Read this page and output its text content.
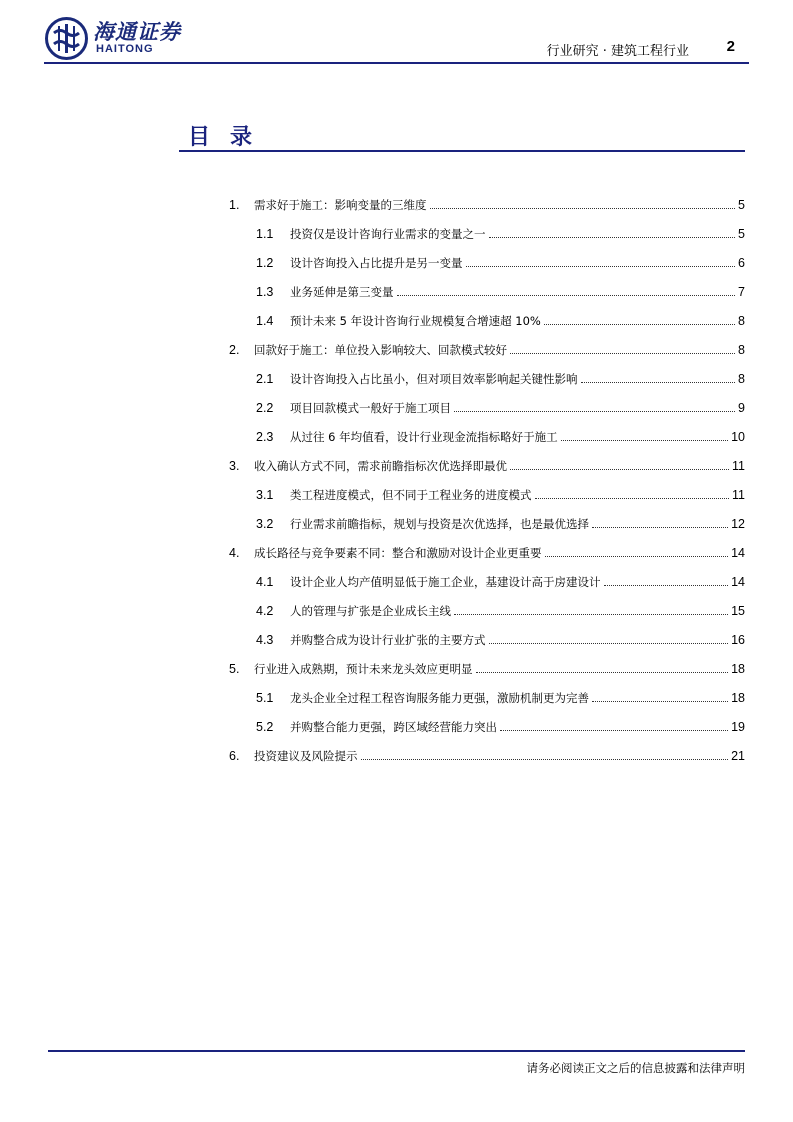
海通证券
HAITONG	行业研究 · 建筑工程行业	2
目录
1.	需求好于施工：影响变量的三维度	5
1.1	投资仅是设计咨询行业需求的变量之一	5
1.2	设计咨询投入占比提升是另一变量	6
1.3	业务延伸是第三变量	7
1.4	预计未来 5 年设计咨询行业规模复合增速超 10%	8
2.	回款好于施工：单位投入影响较大、回款模式较好	8
2.1	设计咨询投入占比虽小，但对项目效率影响起关键性影响	8
2.2	项目回款模式一般好于施工项目	9
2.3	从过往 6 年均值看，设计行业现金流指标略好于施工	10
3.	收入确认方式不同，需求前瞻指标次优选择即最优	11
3.1	类工程进度模式，但不同于工程业务的进度模式	11
3.2	行业需求前瞻指标，规划与投资是次优选择，也是最优选择	12
4.	成长路径与竞争要素不同：整合和激励对设计企业更重要	14
4.1	设计企业人均产值明显低于施工企业，基建设计高于房建设计	14
4.2	人的管理与扩张是企业成长主线	15
4.3	并购整合成为设计行业扩张的主要方式	16
5.	行业进入成熟期，预计未来龙头效应更明显	18
5.1	龙头企业全过程工程咨询服务能力更强，激励机制更为完善	18
5.2	并购整合能力更强，跨区域经营能力突出	19
6.	投资建议及风险提示	21
请务必阅读正文之后的信息披露和法律声明
